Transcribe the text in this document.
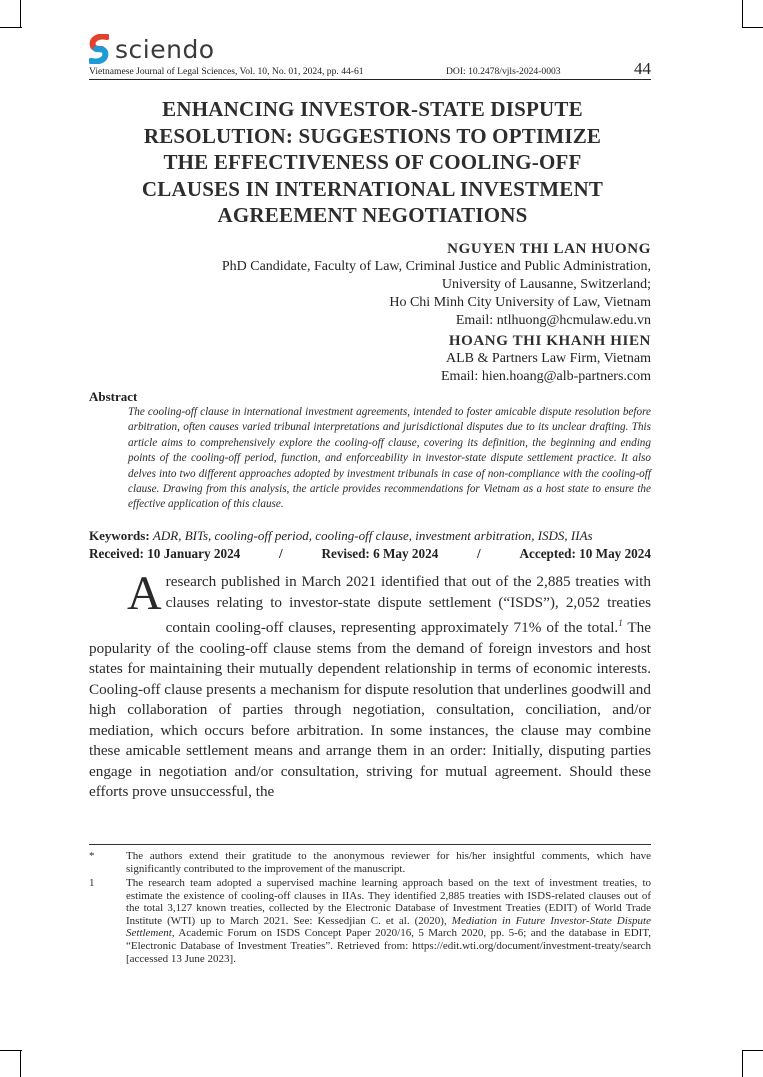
sciendo
Vietnamese Journal of Legal Sciences, Vol. 10, No. 01, 2024, pp. 44-61	DOI: 10.2478/vjls-2024-0003	44
ENHANCING INVESTOR-STATE DISPUTE
RESOLUTION: SUGGESTIONS TO OPTIMIZE
THE EFFECTIVENESS OF COOLING-OFF
CLAUSES IN INTERNATIONAL INVESTMENT
AGREEMENT NEGOTIATIONS
NGUYEN THI LAN HUONG
PhD Candidate, Faculty of Law, Criminal Justice and Public Administration,
University of Lausanne, Switzerland;
Ho Chi Minh City University of Law, Vietnam
Email: ntlhuong@hcmulaw.edu.vn
HOANG THI KHANH HIEN
ALB & Partners Law Firm, Vietnam
Email: hien.hoang@alb-partners.com
Abstract
The cooling-off clause in international investment agreements, intended to foster amicable dispute resolution before arbitration, often causes varied tribunal interpretations and jurisdictional disputes due to its unclear drafting. This article aims to comprehensively explore the cooling-off clause, covering its definition, the beginning and ending points of the cooling-off period, function, and enforceability in investor-state dispute settlement practice. It also delves into two different approaches adopted by investment tribunals in case of non-compliance with the cooling-off clause. Drawing from this analysis, the article provides recommendations for Vietnam as a host state to ensure the effective application of this clause.
Keywords: ADR, BITs, cooling-off period, cooling-off clause, investment arbitration, ISDS, IIAs
Received: 10 January 2024	/	Revised: 6 May 2024	/	Accepted: 10 May 2024
A research published in March 2021 identified that out of the 2,885 treaties with clauses relating to investor-state dispute settlement (“ISDS”), 2,052 treaties contain cooling-off clauses, representing approximately 71% of the total.$^1$ The popularity of the cooling-off clause stems from the demand of foreign investors and host states for maintaining their mutually dependent relationship in terms of economic interests. Cooling-off clause presents a mechanism for dispute resolution that underlines goodwill and high collaboration of parties through negotiation, consultation, conciliation, and/or mediation, which occurs before arbitration. In some instances, the clause may combine these amicable settlement means and arrange them in an order: Initially, disputing parties engage in negotiation and/or consultation, striving for mutual agreement. Should these efforts prove unsuccessful, the
*	The authors extend their gratitude to the anonymous reviewer for his/her insightful comments, which have significantly contributed to the improvement of the manuscript.
1	The research team adopted a supervised machine learning approach based on the text of investment treaties, to estimate the existence of cooling-off clauses in IIAs. They identified 2,885 treaties with ISDS-related clauses out of the total 3,127 known treaties, collected by the Electronic Database of Investment Treaties (EDIT) of World Trade Institute (WTI) up to March 2021. See: Kessedjian C. et al. (2020), Mediation in Future Investor-State Dispute Settlement, Academic Forum on ISDS Concept Paper 2020/16, 5 March 2020, pp. 5-6; and the database in EDIT, “Electronic Database of Investment Treaties”. Retrieved from: https://edit.wti.org/document/investment-treaty/search [accessed 13 June 2023].
